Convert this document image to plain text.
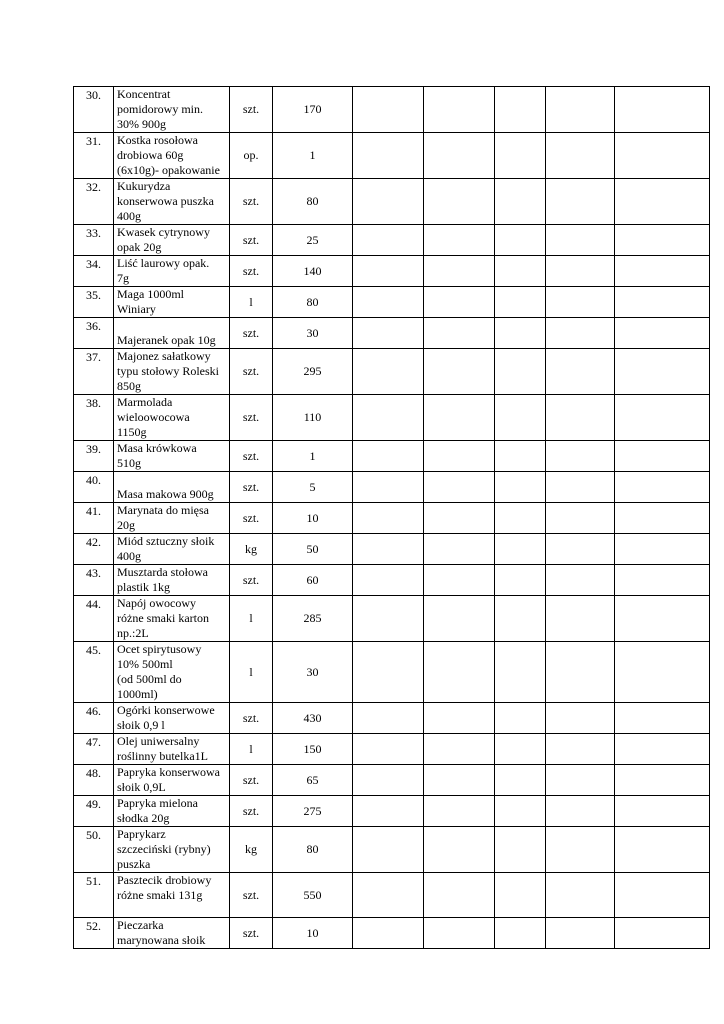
30.	Koncentrat
pomidorowy min.
30% 900g	szt.	170					
31.	Kostka rosołowa
drobiowa 60g
(6x10g)- opakowanie	op.	1					
32.	Kukurydza
konserwowa puszka
400g	szt.	80					
33.	Kwasek cytrynowy
opak 20g	szt.	25					
34.	Liść laurowy opak.
7g	szt.	140					
35.	Maga 1000ml
Winiary	l	80					
36.	Majeranek opak 10g	szt.	30					
37.	Majonez sałatkowy
typu stołowy Roleski
850g	szt.	295					
38.	Marmolada
wieloowocowa
1150g	szt.	110					
39.	Masa krówkowa
510g	szt.	1					
40.	Masa makowa 900g	szt.	5					
41.	Marynata do mięsa
20g	szt.	10					
42.	Miód sztuczny słoik
400g	kg	50					
43.	Musztarda stołowa
plastik 1kg	szt.	60					
44.	Napój owocowy
różne smaki karton
np.:2L	l	285					
45.	Ocet spirytusowy
10% 500ml
(od 500ml do
1000ml)	l	30					
46.	Ogórki konserwowe
słoik 0,9 l	szt.	430					
47.	Olej uniwersalny
roślinny butelka1L	l	150					
48.	Papryka konserwowa
słoik 0,9L	szt.	65					
49.	Papryka mielona
słodka 20g	szt.	275					
50.	Paprykarz
szczeciński (rybny)
puszka	kg	80					
51.	Pasztecik drobiowy
różne smaki 131g	szt.	550					
52.	Pieczarka
marynowana słoik	szt.	10					
